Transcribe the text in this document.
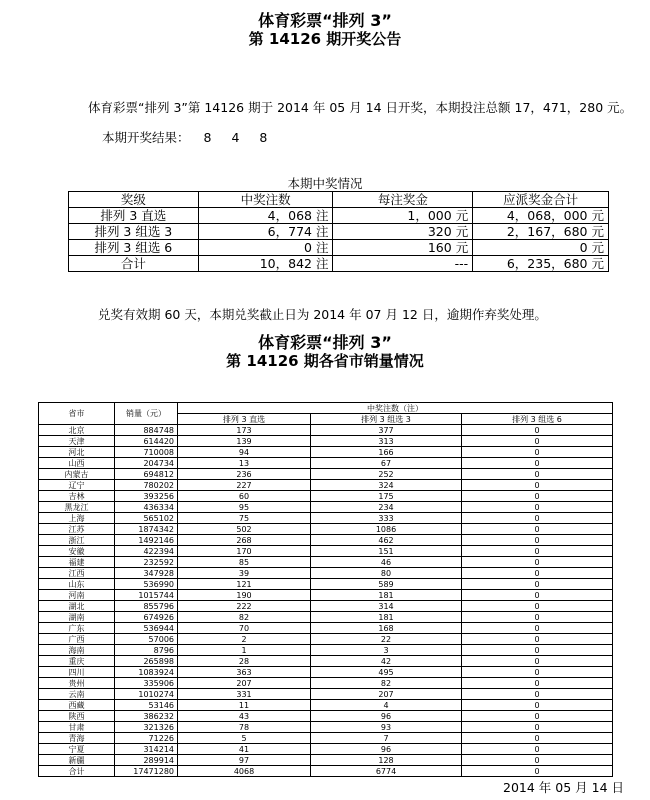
体育彩票“排列 3”
第 14126 期开奖公告
体育彩票“排列 3”第 14126 期于 2014 年 05 月 14 日开奖，本期投注总额 17，471，280 元。
本期开奖结果： 8 4 8
本期中奖情况
奖级	中奖注数	每注奖金	应派奖金合计
排列 3 直选	4，068 注	1，000 元	4，068，000 元
排列 3 组选 3	6，774 注	320 元	2，167，680 元
排列 3 组选 6	0 注	160 元	0 元
合计	10，842 注	---	6，235，680 元
兑奖有效期 60 天，本期兑奖截止日为 2014 年 07 月 12 日，逾期作弃奖处理。
体育彩票“排列 3”
第 14126 期各省市销量情况
省市	销量（元）	中奖注数（注）		
		排列 3 直选	排列 3 组选 3	排列 3 组选 6
北京	884748	173	377	0
天津	614420	139	313	0
河北	710008	94	166	0
山西	204734	13	67	0
内蒙古	694812	236	252	0
辽宁	780202	227	324	0
吉林	393256	60	175	0
黑龙江	436334	95	234	0
上海	565102	75	333	0
江苏	1874342	502	1086	0
浙江	1492146	268	462	0
安徽	422394	170	151	0
福建	232592	85	46	0
江西	347928	39	80	0
山东	536990	121	589	0
河南	1015744	190	181	0
湖北	855796	222	314	0
湖南	674926	82	181	0
广东	536944	70	168	0
广西	57006	2	22	0
海南	8796	1	3	0
重庆	265898	28	42	0
四川	1083924	363	495	0
贵州	335906	207	82	0
云南	1010274	331	207	0
西藏	53146	11	4	0
陕西	386232	43	96	0
甘肃	321326	78	93	0
青海	71226	5	7	0
宁夏	314214	41	96	0
新疆	289914	97	128	0
合计	17471280	4068	6774	0
2014 年 05 月 14 日
